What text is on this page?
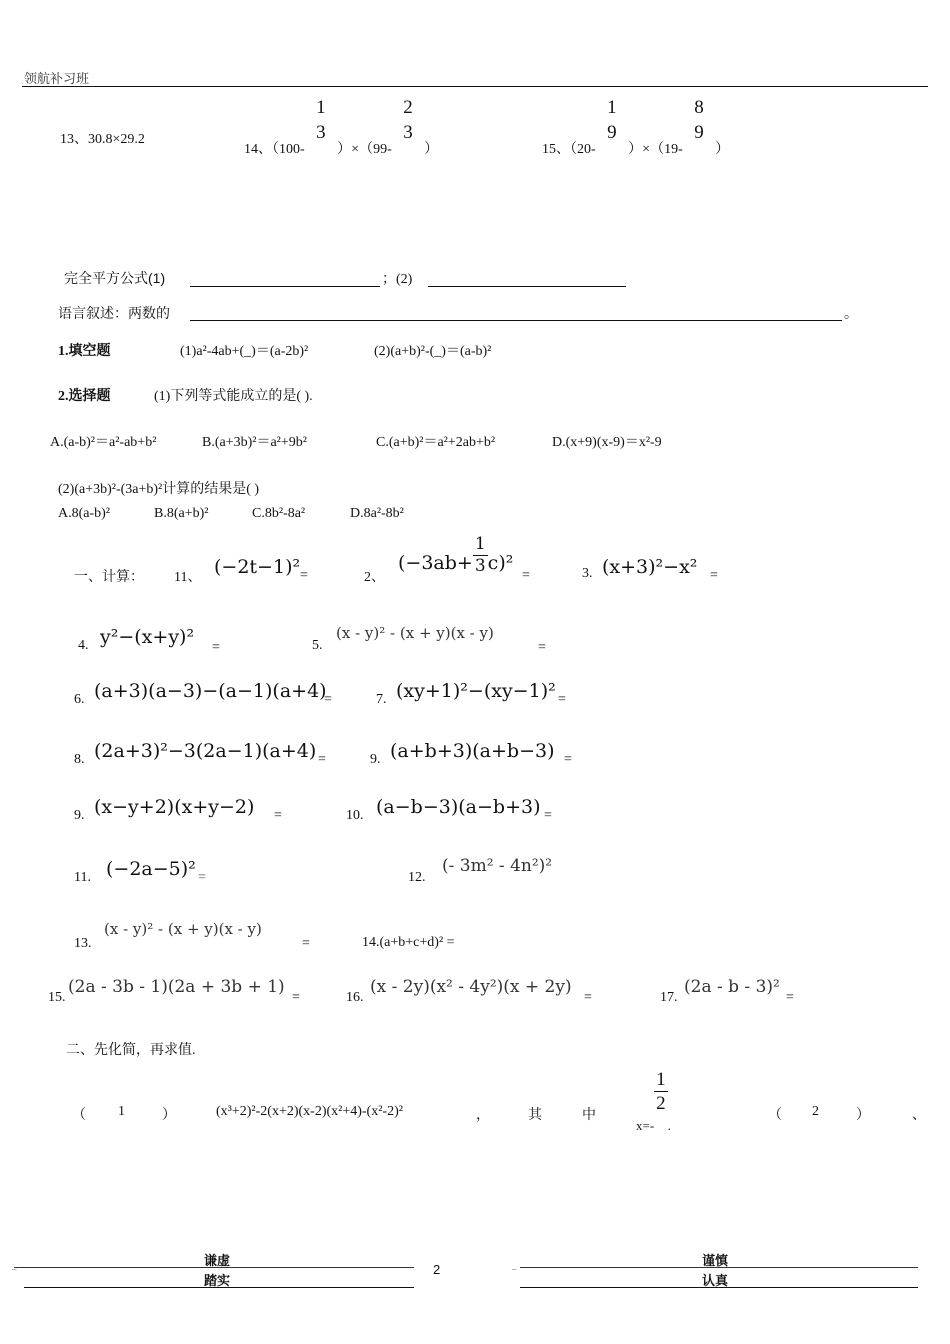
领航补习班
13、30.8×29.2
14、（100-
1
3
）×（99-
2
3
）	15、（20-
1
9
）×（19-
8
9
）
完全平方公式(1)	；(2)
语言叙述：两数的	。
1.填空题	(1)a²-4ab+(_)＝(a-2b)²	(2)(a+b)²-(_)＝(a-b)²
2.选择题	(1)下列等式能成立的是( ).
A.(a-b)²＝a²-ab+b²	B.(a+3b)²＝a²+9b²	C.(a+b)²＝a²+2ab+b²	D.(x+9)(x-9)＝x²-9
(2)(a+3b)²-(3a+b)²计算的结果是( )
A.8(a-b)²	B.8(a+b)²	C.8b²-8a²	D.8a²-8b²
一、计算： 11、 (−2t−1)² =	2、
$(-3ab+ \frac{1}{3} c)^2$
=	3. (x+3)²−x² =
4. y²−(x+y)² =	5.
(x - y)² - (x + y)(x - y)
=
6. (a+3)(a−3)−(a−1)(a+4)
=	7. (xy+1)²−(xy−1)² =
8. (2a+3)²−3(2a−1)(a+4) =	9. (a+b+3)(a+b−3) =
9. (x−y+2)(x+y−2) =	10. (a−b−3)(a−b+3) =
11. (−2a−5)² =	12.
(- 3m² - 4n²)²
13.
(x - y)² - (x + y)(x - y)
=	14.(a+b+c+d)² =
15.
(2a - 3b - 1)(2a + 3b + 1)
=	16.
(x - 2y)(x² - 4y²)(x + 2y)
=	17.
(2a - b - 3)²
=
二、先化简，再求值.
（ 1	）	(x³+2)²-2(x+2)(x-2)(x²+4)-(x²-2)²	，	其	中
x=-
$\frac{1}{2}$
.
（ 2	）	、
谦虚
–
踏实
2
谨慎
–
认真
